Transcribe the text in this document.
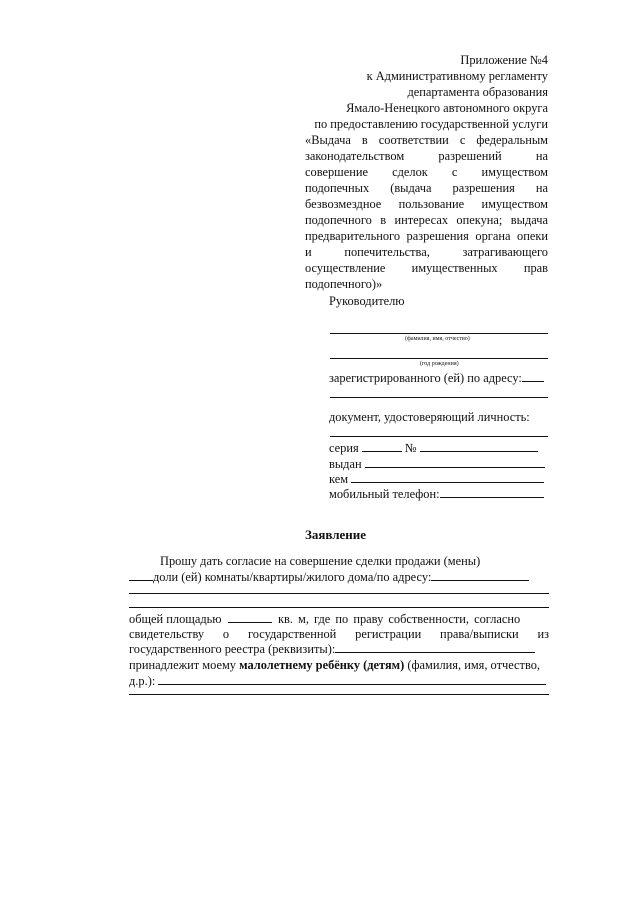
Приложение №4
к Административному регламенту
департамента образования
Ямало-Ненецкого автономного округа
по предоставлению государственной услуги
«Выдача в соответствии с федеральным
законодательством разрешений на
совершение сделок с имуществом
подопечных (выдача разрешения на
безвозмездное пользование имуществом
подопечного в интересах опекуна; выдача
предварительного разрешения органа опеки
и попечительства, затрагивающего
осуществление имущественных прав
подопечного)»
Руководителю
(фамилия, имя, отчество)
(год рождения)
зарегистрированного (ей) по адресу:
документ, удостоверяющий личность:
серия	№
выдан
кем
мобильный телефон:
Заявление
Прошу дать согласие на совершение сделки продажи (мены)
доли (ей) комнаты/квартиры/жилого дома/по адресу:
общей площадью	кв. м, где по праву собственности, согласно
свидетельству о государственной регистрации права/выписки из
государственного реестра (реквизиты):
принадлежит моему малолетнему ребёнку (детям) (фамилия, имя, отчество,
д.р.):
